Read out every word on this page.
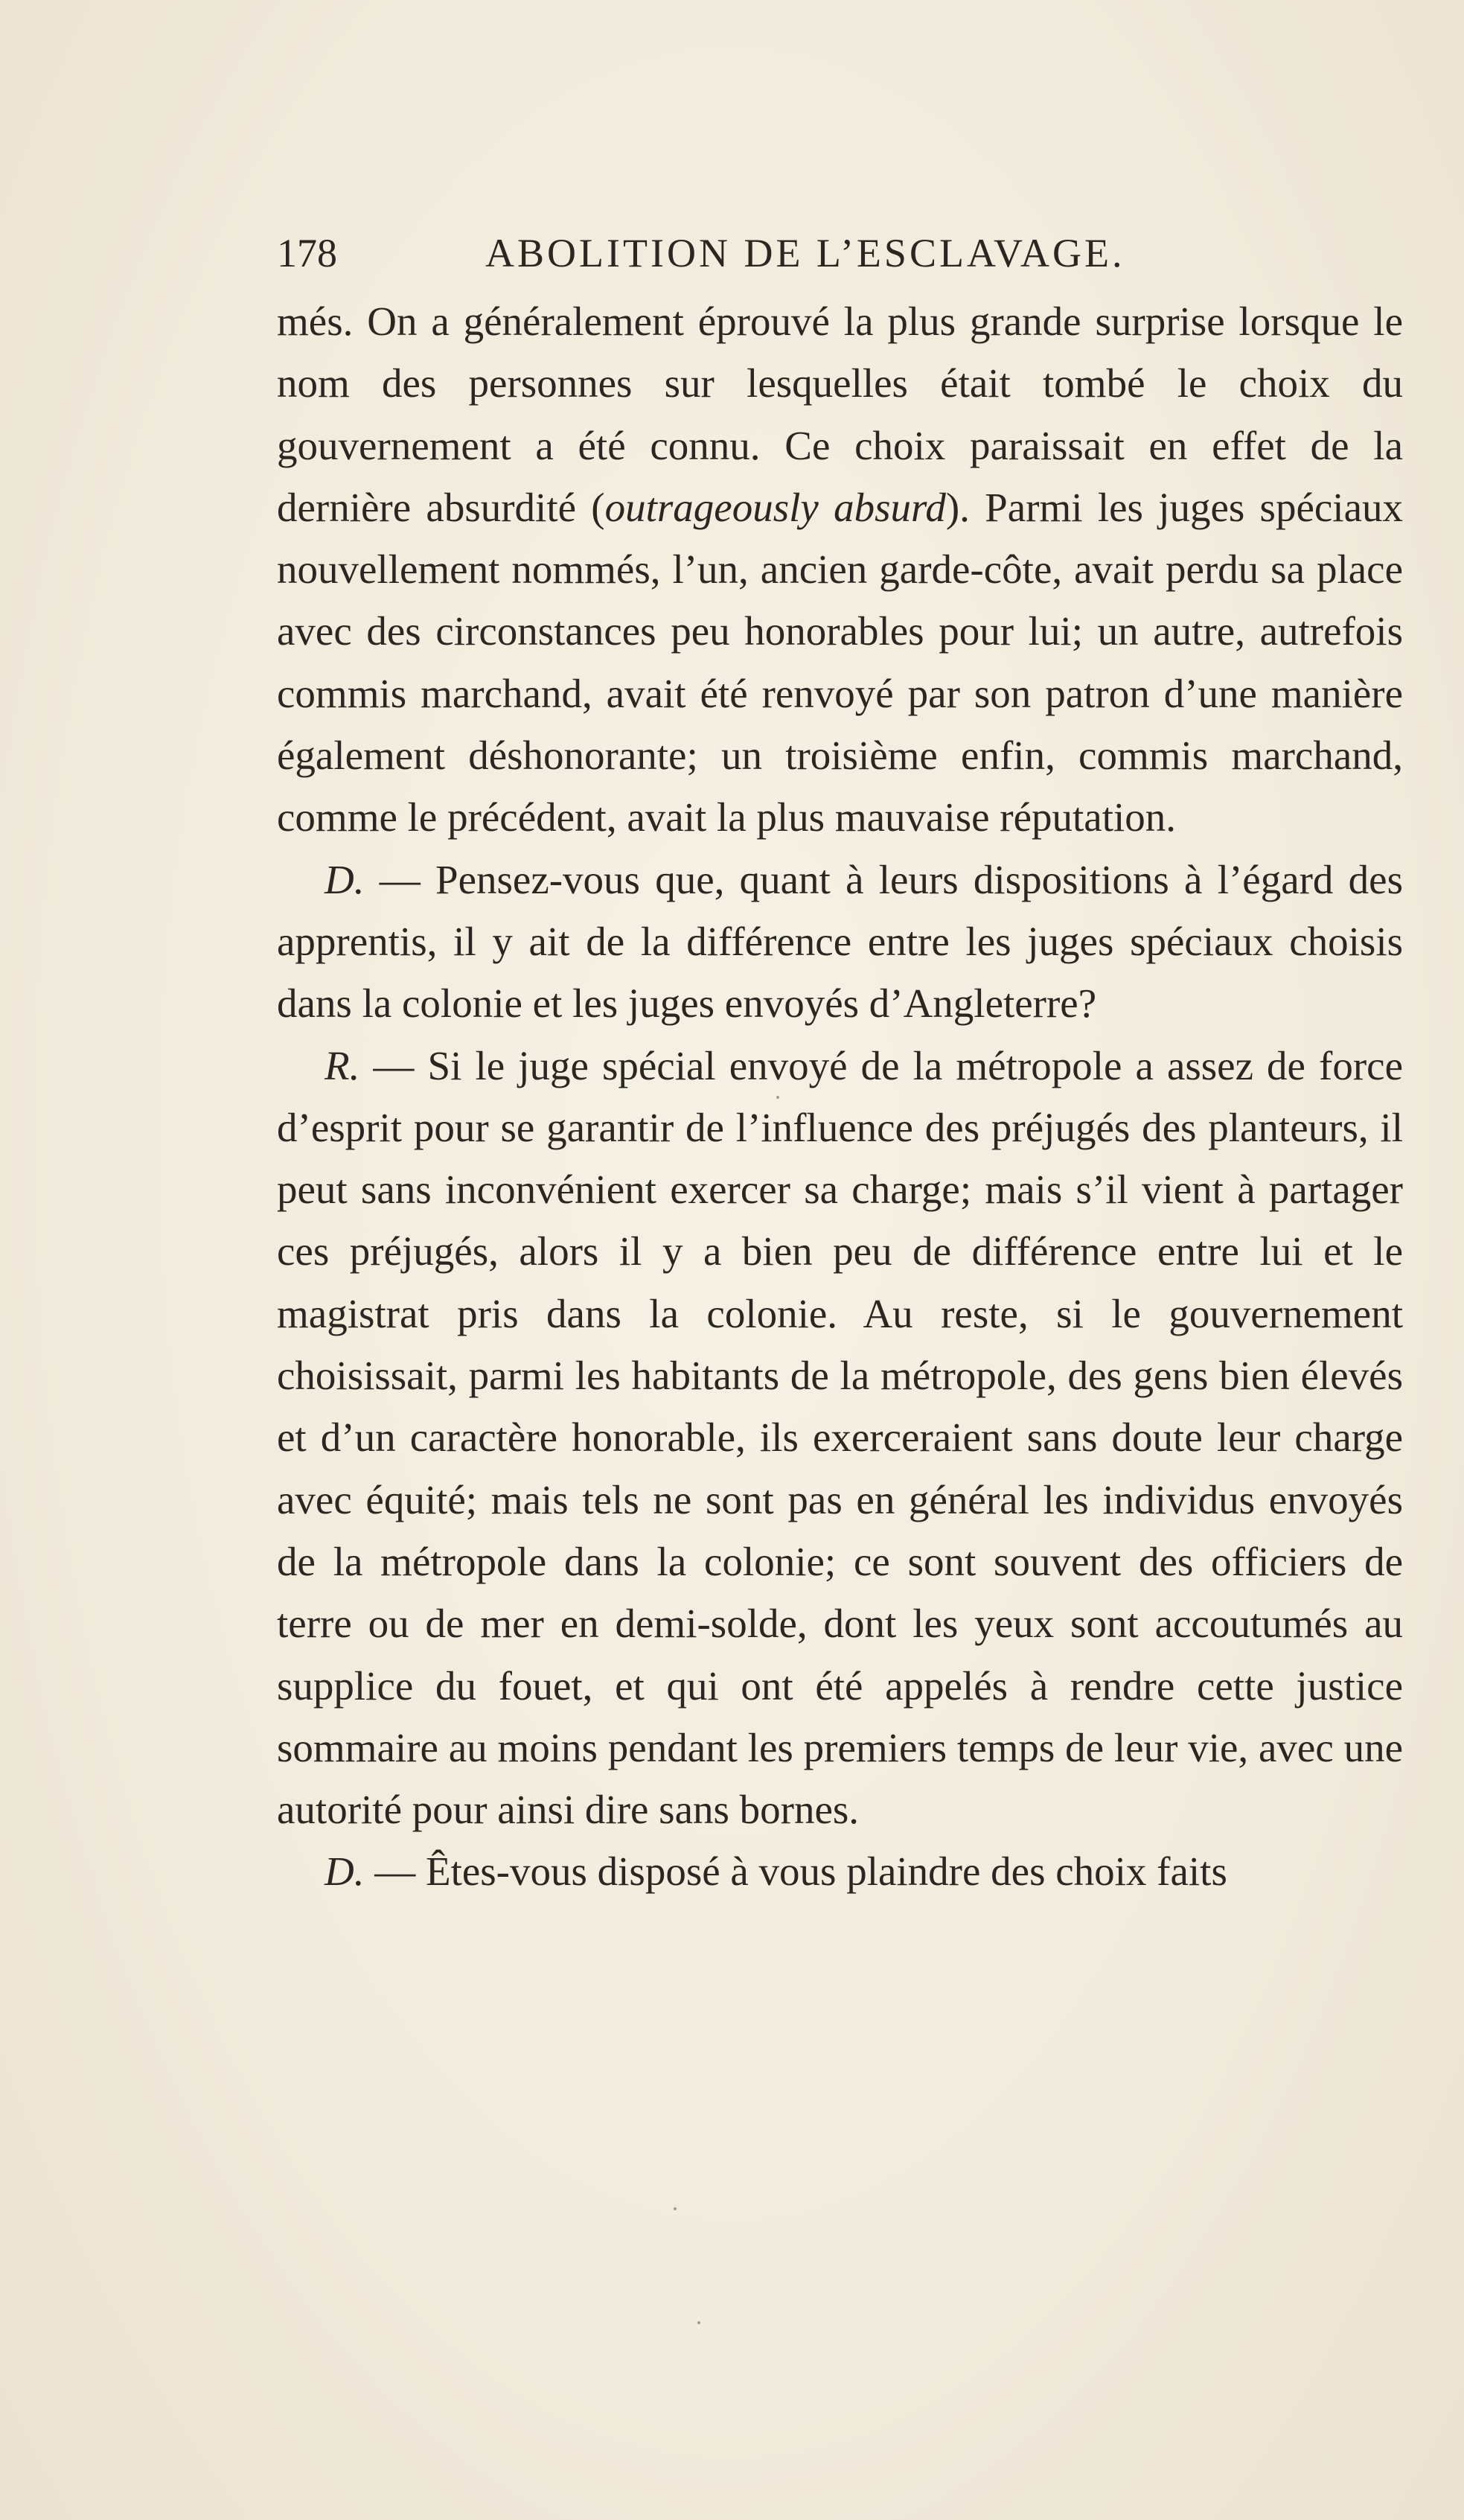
178	ABOLITION DE L’ESCLAVAGE.

més. On a généralement éprouvé la plus grande surprise lorsque le nom des personnes sur lesquelles était tombé le choix du gouvernement a été connu. Ce choix paraissait en effet de la dernière absurdité (outrageously absurd). Parmi les juges spéciaux nouvellement nommés, l’un, ancien garde-côte, avait perdu sa place avec des circonstances peu honorables pour lui; un autre, autrefois commis marchand, avait été renvoyé par son patron d’une manière également déshonorante; un troisième enfin, commis marchand, comme le précédent, avait la plus mauvaise réputation.

D. — Pensez-vous que, quant à leurs dispositions à l’égard des apprentis, il y ait de la différence entre les juges spéciaux choisis dans la colonie et les juges envoyés d’Angleterre?

R. — Si le juge spécial envoyé de la métropole a assez de force d’esprit pour se garantir de l’influence des préjugés des planteurs, il peut sans inconvénient exercer sa charge; mais s’il vient à partager ces préjugés, alors il y a bien peu de différence entre lui et le magistrat pris dans la colonie. Au reste, si le gouvernement choisissait, parmi les habitants de la métropole, des gens bien élevés et d’un caractère honorable, ils exerceraient sans doute leur charge avec équité; mais tels ne sont pas en général les individus envoyés de la métropole dans la colonie; ce sont souvent des officiers de terre ou de mer en demi-solde, dont les yeux sont accoutumés au supplice du fouet, et qui ont été appelés à rendre cette justice sommaire au moins pendant les premiers temps de leur vie, avec une autorité pour ainsi dire sans bornes.

D. — Êtes-vous disposé à vous plaindre des choix faits
